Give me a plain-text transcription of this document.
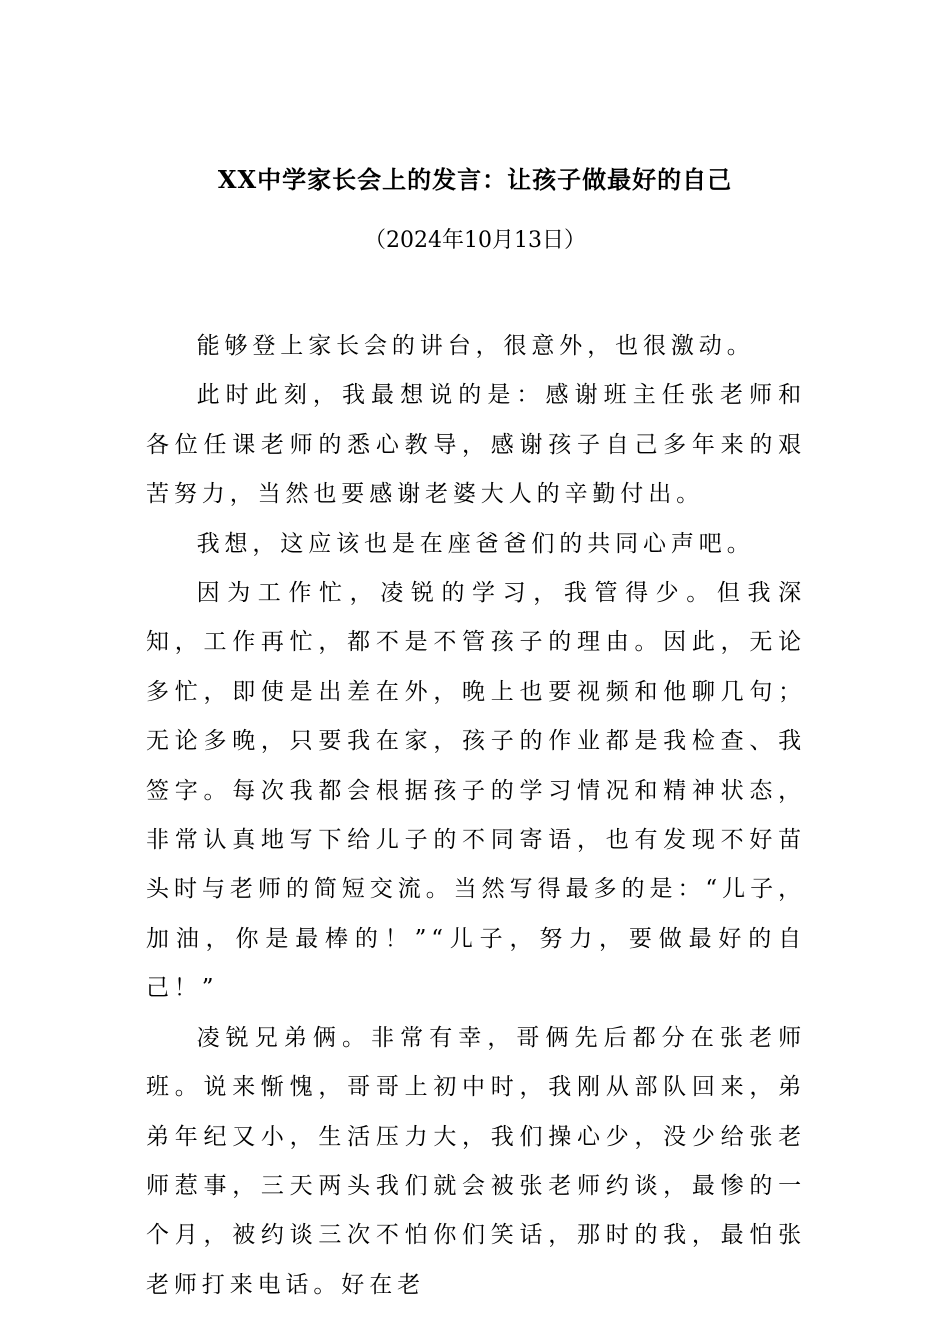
XX中学家长会上的发言：让孩子做最好的自己
（2024年10月13日）

能够登上家长会的讲台，很意外，也很激动。

此时此刻，我最想说的是：感谢班主任张老师和各位任课老师的悉心教导，感谢孩子自己多年来的艰苦努力，当然也要感谢老婆大人的辛勤付出。

我想，这应该也是在座爸爸们的共同心声吧。

因为工作忙，凌锐的学习，我管得少。但我深知，工作再忙，都不是不管孩子的理由。因此，无论多忙，即使是出差在外，晚上也要视频和他聊几句；无论多晚，只要我在家，孩子的作业都是我检查、我签字。每次我都会根据孩子的学习情况和精神状态，非常认真地写下给儿子的不同寄语，也有发现不好苗头时与老师的简短交流。当然写得最多的是：“儿子，加油，你是最棒的！”“儿子，努力，要做最好的自己！”

凌锐兄弟俩。非常有幸，哥俩先后都分在张老师班。说来惭愧，哥哥上初中时，我刚从部队回来，弟弟年纪又小，生活压力大，我们操心少，没少给张老师惹事，三天两头我们就会被张老师约谈，最惨的一个月，被约谈三次不怕你们笑话，那时的我，最怕张老师打来电话。好在老
